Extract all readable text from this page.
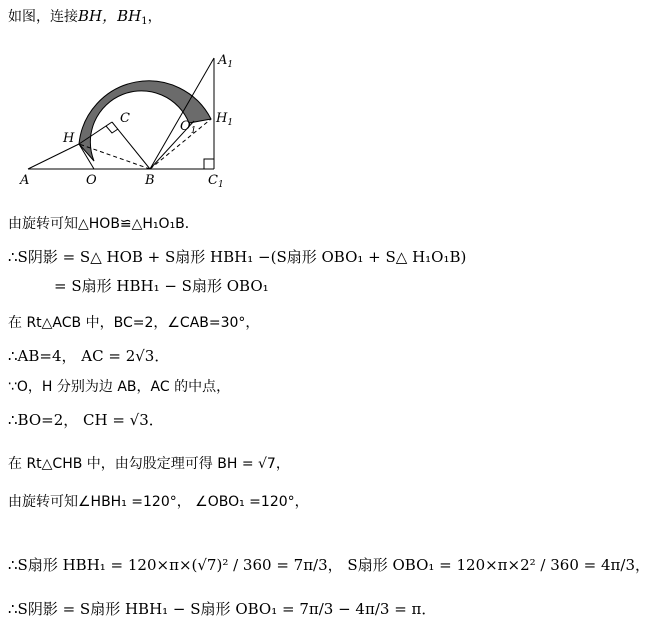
如图，连接BH，$BH_1$，
A	O	B	$C_1$
H
C
$O_1$
$H_1$
$A_1$
由旋转可知△HOB≌△H₁O₁B．
∴S阴影 = S△ HOB + S扇形 HBH₁ −(S扇形 OBO₁ + S△ H₁O₁B)
= S扇形 HBH₁ − S扇形 OBO₁
在 Rt△ACB 中，BC=2，∠CAB=30°，
∴AB=4， AC = 2√3．
∵O，H 分别为边 AB，AC 的中点，
∴BO=2， CH = √3．
在 Rt△CHB 中，由勾股定理可得 BH = √7，
由旋转可知∠HBH₁ =120°， ∠OBO₁ =120°，
∴S扇形 HBH₁ = 120×π×(√7)² / 360 = 7π/3， S扇形 OBO₁ = 120×π×2² / 360 = 4π/3，
∴S阴影 = S扇形 HBH₁ − S扇形 OBO₁ = 7π/3 − 4π/3 = π．
